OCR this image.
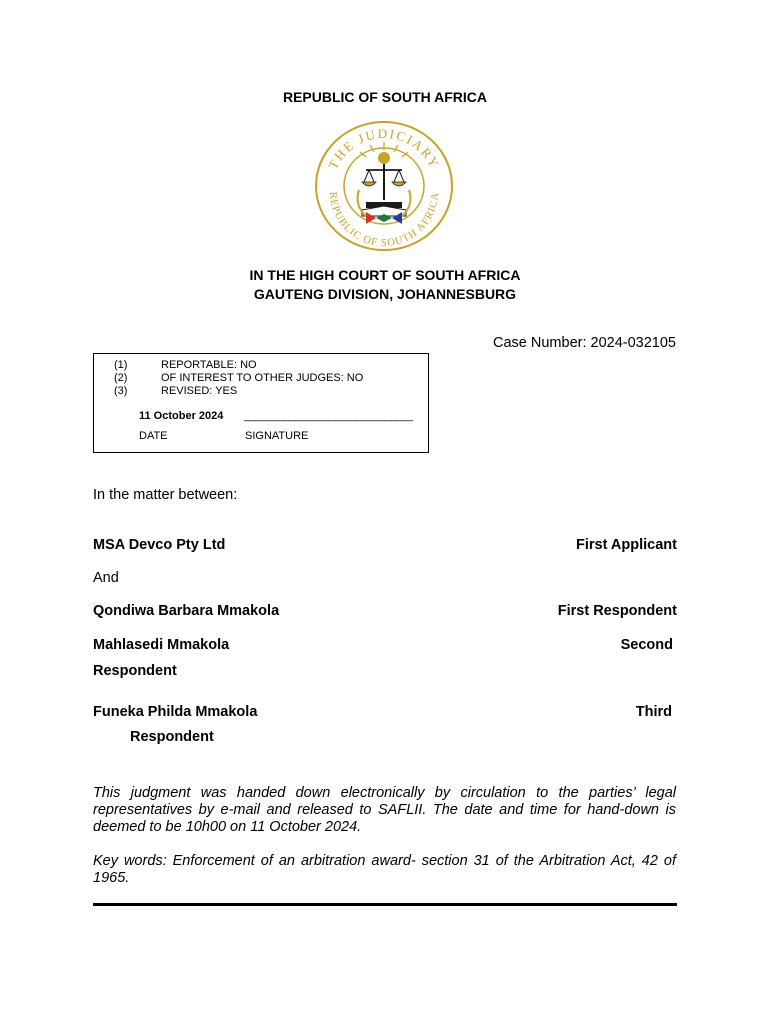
REPUBLIC OF SOUTH AFRICA
THE JUDICIARY
REPUBLIC OF SOUTH AFRICA
IN THE HIGH COURT OF SOUTH AFRICA
GAUTENG DIVISION, JOHANNESBURG
Case Number: 2024-032105
(1)	REPORTABLE: NO
(2)	OF INTEREST TO OTHER JUDGES: NO
(3)	REVISED: YES
11 October 2024 ______________________________
DATE	SIGNATURE
In the matter between:
MSA Devco Pty Ltd	First Applicant
And
Qondiwa Barbara Mmakola	First Respondent
Mahlasedi Mmakola	Second
Respondent
Funeka Philda Mmakola	Third
Respondent
This judgment was handed down electronically by circulation to the parties’ legal representatives by e-mail and released to SAFLII. The date and time for hand-down is deemed to be 10h00 on 11 October 2024.
Key words: Enforcement of an arbitration award- section 31 of the Arbitration Act, 42 of 1965.
